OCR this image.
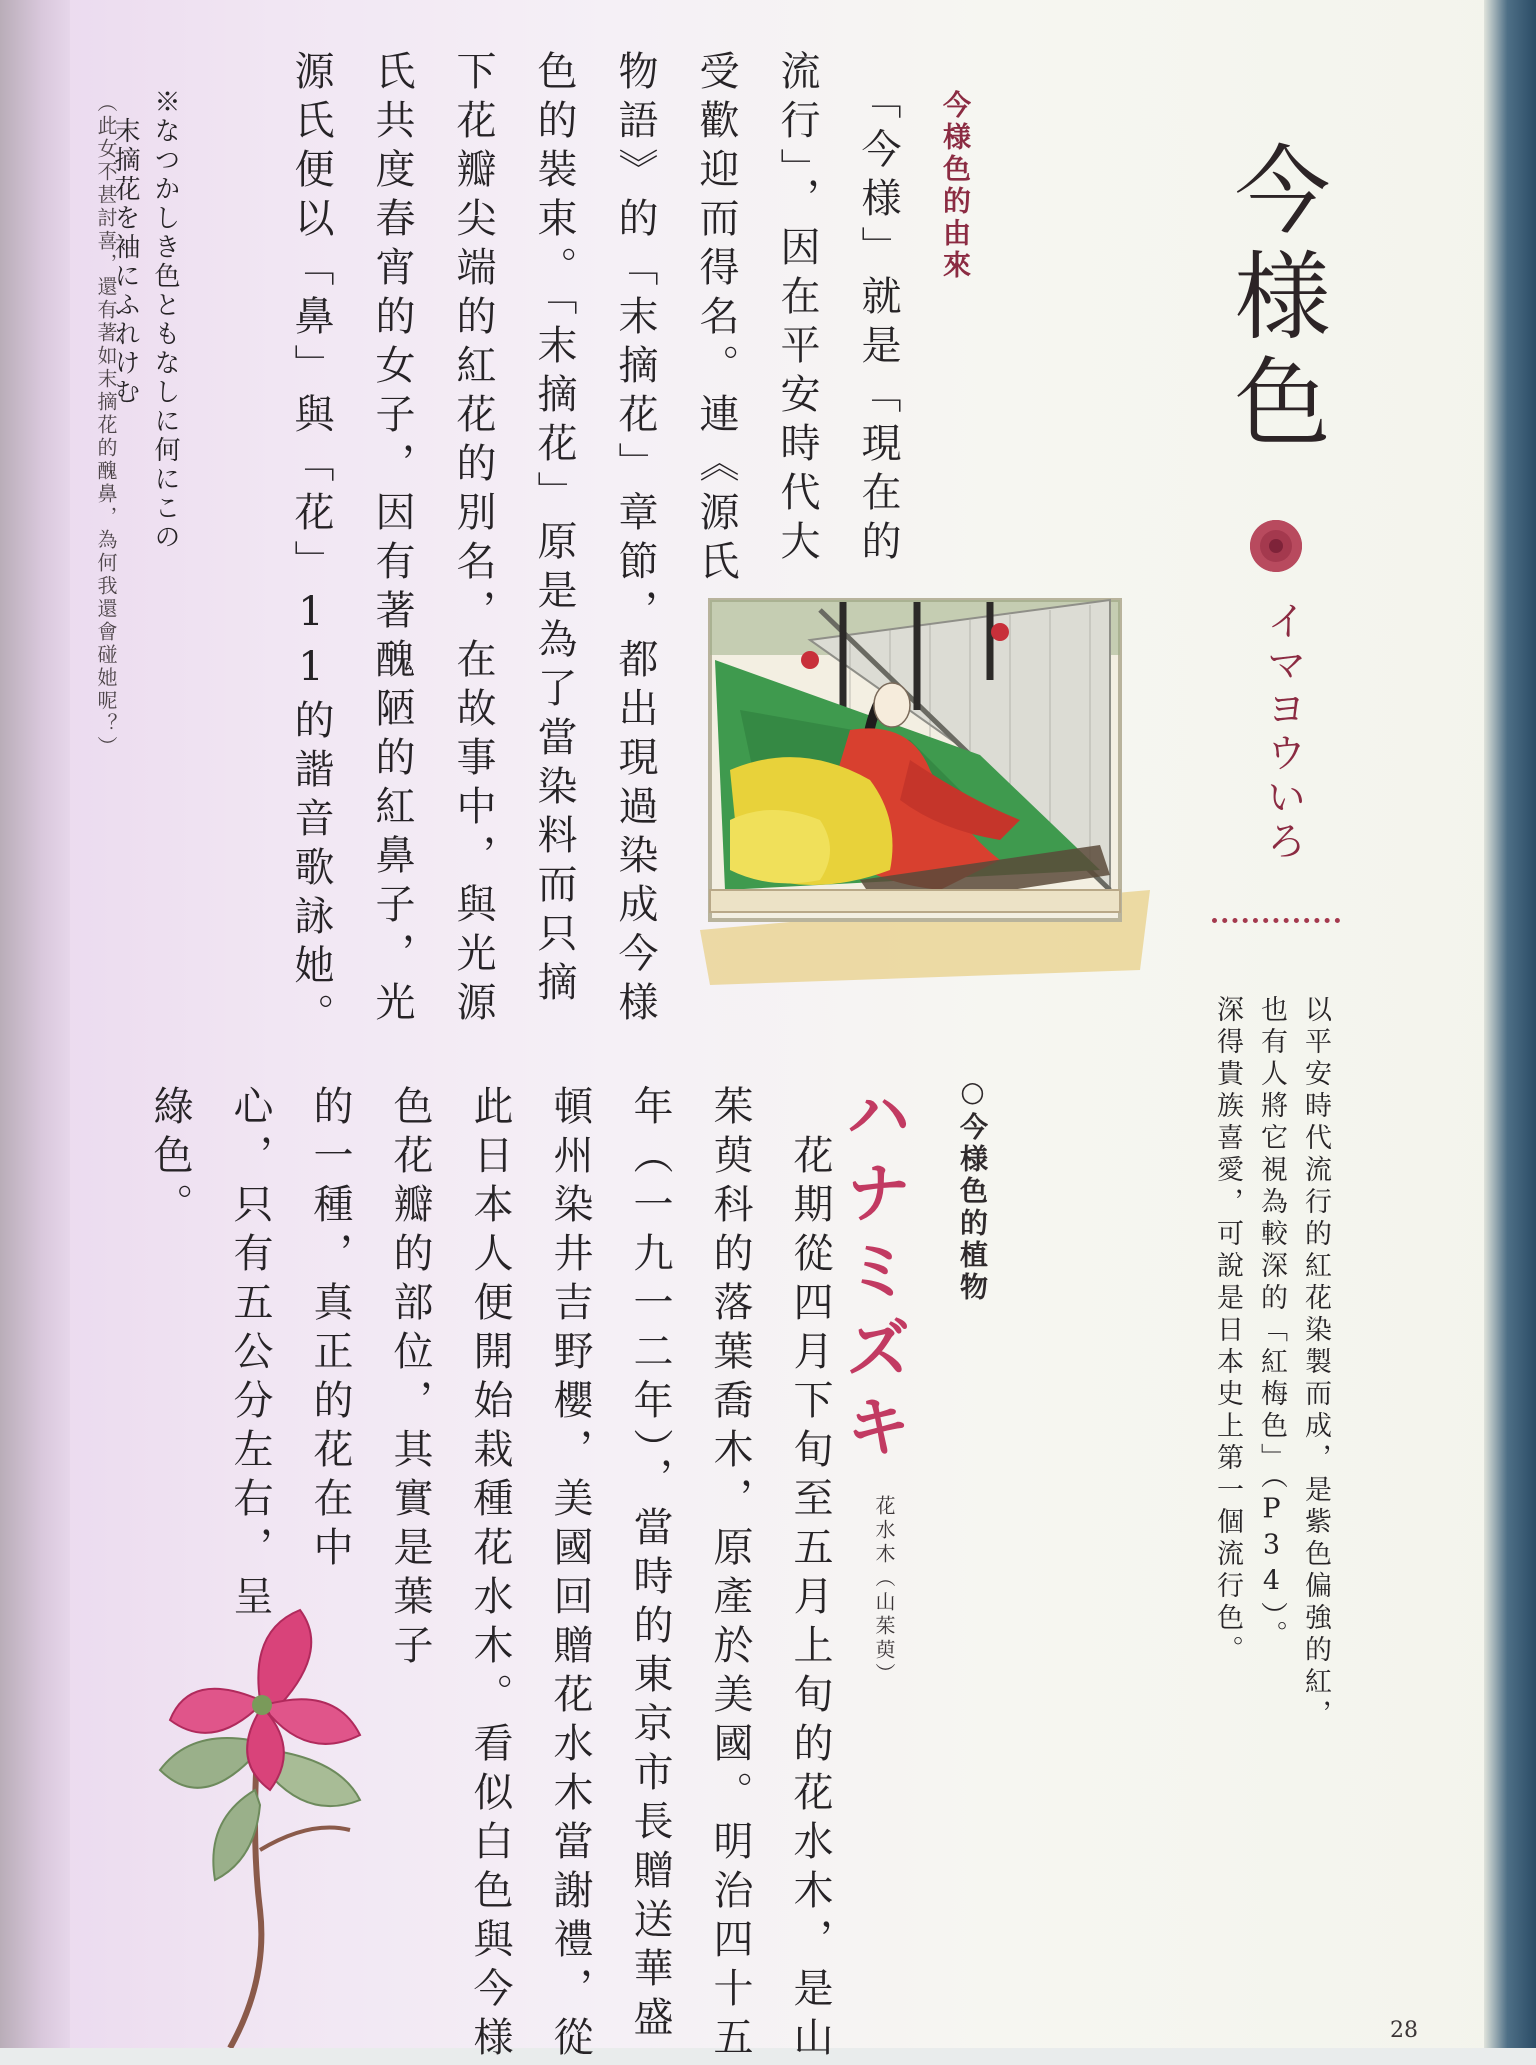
今様色
イマヨウいろ
以平安時代流行的紅花染製而成，是紫色偏強的紅，
也有人將它視為較深的「紅梅色」（P34）。
深得貴族喜愛，可說是日本史上第一個流行色。
今様色的由來
　「今様」就是「現在的
流行」，因在平安時代大
受歡迎而得名。連《源氏
物語》的「末摘花」章節，都出現過染成今様
色的裝束。「末摘花」原是為了當染料而只摘
下花瓣尖端的紅花的別名，在故事中，與光源
氏共度春宵的女子，因有著醜陋的紅鼻子，光
源氏便以「鼻」與「花」11的諧音歌詠她。
※なつかしき色ともなしに何にこの
　末摘花を袖にふれけむ
（此女不甚討喜，還有著如末摘花的醜鼻，為何我還會碰她呢？）
○今様色的植物
ハナミズキ
花水木（山茱萸）
　花期從四月下旬至五月上旬的花水木，是山
茱萸科的落葉喬木，原產於美國。明治四十五
年（一九一二年），當時的東京市長贈送華盛
頓州染井吉野櫻，美國回贈花水木當謝禮，從
此日本人便開始栽種花水木。看似白色與今様
色花瓣的部位，其實是葉子
的一種，真正的花在中
心，只有五公分左右，呈
綠色。
28
